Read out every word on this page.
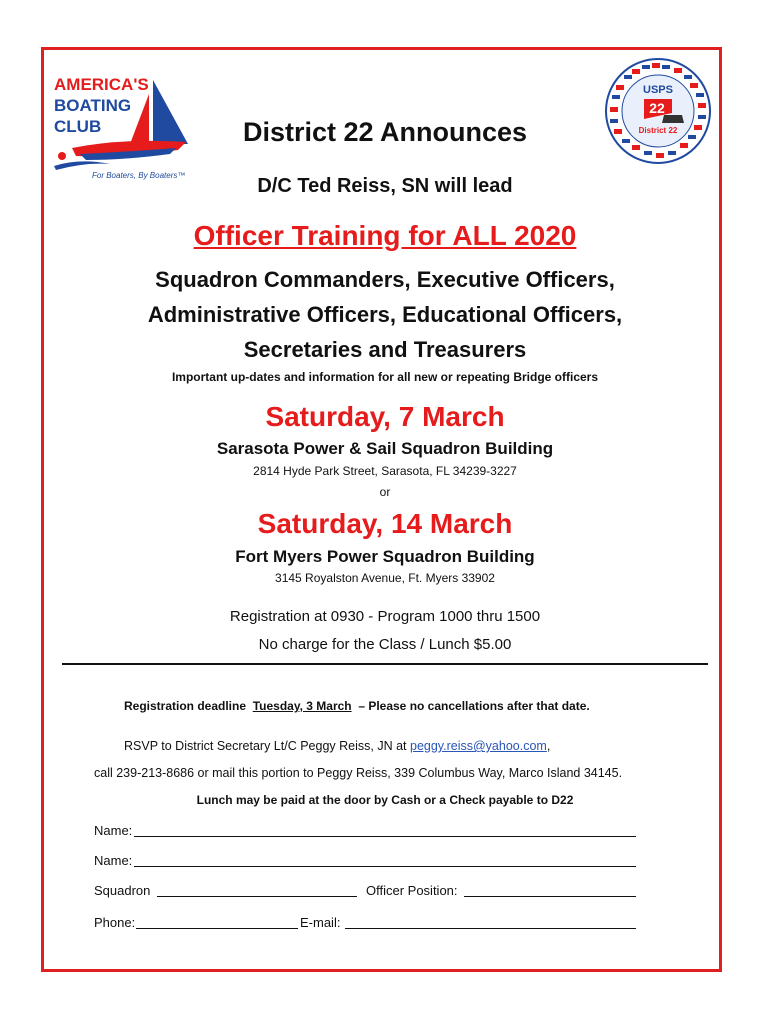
AMERICA'S
BOATING
CLUB
For Boaters, By Boaters™
USPS
22
District 22
District 22 Announces
D/C Ted Reiss, SN will lead
Officer Training for ALL 2020
Squadron Commanders, Executive Officers,
Administrative Officers, Educational Officers,
Secretaries and Treasurers
Important up-dates and information for all new or repeating Bridge officers
Saturday, 7 March
Sarasota Power & Sail Squadron Building
2814 Hyde Park Street, Sarasota, FL 34239-3227
or
Saturday, 14 March
Fort Myers Power Squadron Building
3145 Royalston Avenue, Ft. Myers 33902
Registration at 0930 - Program 1000 thru 1500
No charge for the Class / Lunch $5.00
Registration deadline Tuesday, 3 March – Please no cancellations after that date.
RSVP to District Secretary Lt/C Peggy Reiss, JN at peggy.reiss@yahoo.com,
call 239-213-8686 or mail this portion to Peggy Reiss, 339 Columbus Way, Marco Island 34145.
Lunch may be paid at the door by Cash or a Check payable to D22
Name:
Name:
Squadron	Officer Position:
Phone:	E-mail:
